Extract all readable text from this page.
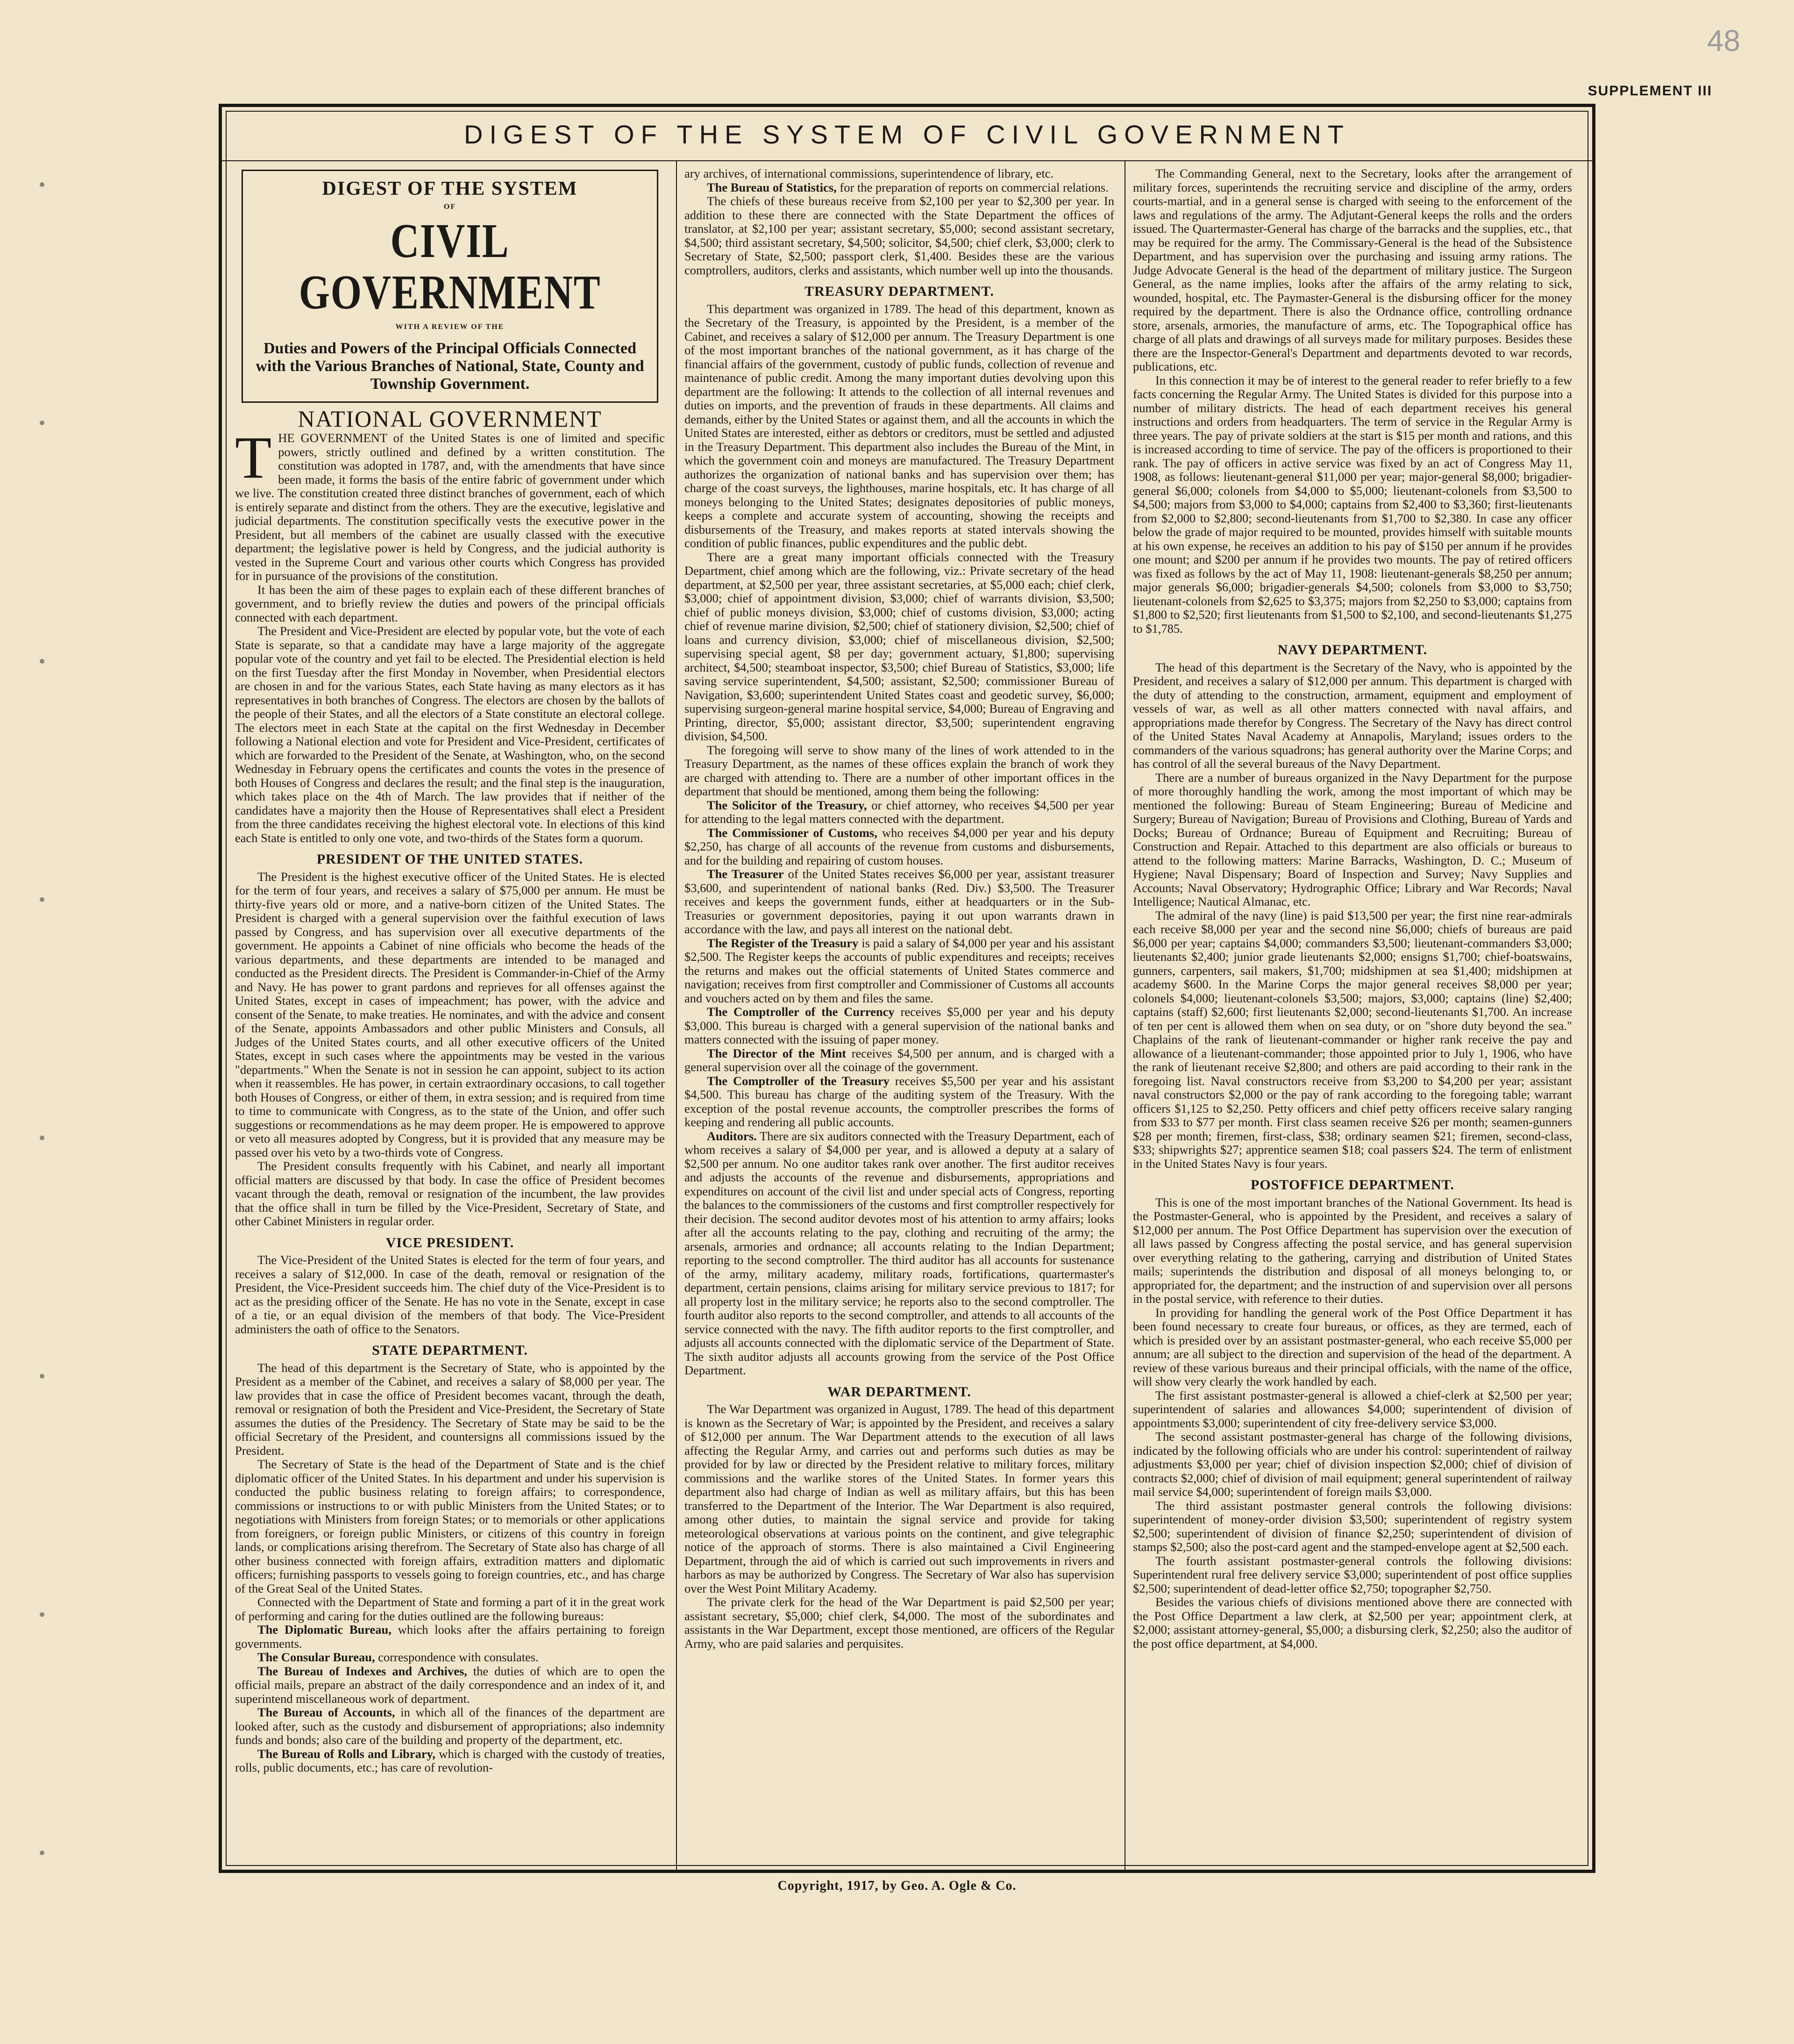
48
SUPPLEMENT III
DIGEST OF THE SYSTEM OF CIVIL GOVERNMENT
DIGEST OF THE SYSTEM
OF
CIVIL GOVERNMENT
WITH A REVIEW OF THE
Duties and Powers of the Principal Officials Connected with the Various Branches of National, State, County and Township Government.
NATIONAL GOVERNMENT

THE GOVERNMENT of the United States is one of limited and specific powers, strictly outlined and defined by a written constitution. The constitution was adopted in 1787, and, with the amendments that have since been made, it forms the basis of the entire fabric of government under which we live. The constitution created three distinct branches of government, each of which is entirely separate and distinct from the others. They are the executive, legislative and judicial departments. The constitution specifically vests the executive power in the President, but all members of the cabinet are usually classed with the executive department; the legislative power is held by Congress, and the judicial authority is vested in the Supreme Court and various other courts which Congress has provided for in pursuance of the provisions of the constitution.

It has been the aim of these pages to explain each of these different branches of government, and to briefly review the duties and powers of the principal officials connected with each department.

The President and Vice-President are elected by popular vote, but the vote of each State is separate, so that a candidate may have a large majority of the aggregate popular vote of the country and yet fail to be elected. The Presidential election is held on the first Tuesday after the first Monday in November, when Presidential electors are chosen in and for the various States, each State having as many electors as it has representatives in both branches of Congress. The electors are chosen by the ballots of the people of their States, and all the electors of a State constitute an electoral college. The electors meet in each State at the capital on the first Wednesday in December following a National election and vote for President and Vice-President, certificates of which are forwarded to the President of the Senate, at Washington, who, on the second Wednesday in February opens the certificates and counts the votes in the presence of both Houses of Congress and declares the result; and the final step is the inauguration, which takes place on the 4th of March. The law provides that if neither of the candidates have a majority then the House of Representatives shall elect a President from the three candidates receiving the highest electoral vote. In elections of this kind each State is entitled to only one vote, and two-thirds of the States form a quorum.

PRESIDENT OF THE UNITED STATES.

The President is the highest executive officer of the United States. He is elected for the term of four years, and receives a salary of $75,000 per annum. He must be thirty-five years old or more, and a native-born citizen of the United States. The President is charged with a general supervision over the faithful execution of laws passed by Congress, and has supervision over all executive departments of the government. He appoints a Cabinet of nine officials who become the heads of the various departments, and these departments are intended to be managed and conducted as the President directs. The President is Commander-in-Chief of the Army and Navy. He has power to grant pardons and reprieves for all offenses against the United States, except in cases of impeachment; has power, with the advice and consent of the Senate, to make treaties. He nominates, and with the advice and consent of the Senate, appoints Ambassadors and other public Ministers and Consuls, all Judges of the United States courts, and all other executive officers of the United States, except in such cases where the appointments may be vested in the various "departments." When the Senate is not in session he can appoint, subject to its action when it reassembles. He has power, in certain extraordinary occasions, to call together both Houses of Congress, or either of them, in extra session; and is required from time to time to communicate with Congress, as to the state of the Union, and offer such suggestions or recommendations as he may deem proper. He is empowered to approve or veto all measures adopted by Congress, but it is provided that any measure may be passed over his veto by a two-thirds vote of Congress.

The President consults frequently with his Cabinet, and nearly all important official matters are discussed by that body. In case the office of President becomes vacant through the death, removal or resignation of the incumbent, the law provides that the office shall in turn be filled by the Vice-President, Secretary of State, and other Cabinet Ministers in regular order.

VICE PRESIDENT.

The Vice-President of the United States is elected for the term of four years, and receives a salary of $12,000. In case of the death, removal or resignation of the President, the Vice-President succeeds him. The chief duty of the Vice-President is to act as the presiding officer of the Senate. He has no vote in the Senate, except in case of a tie, or an equal division of the members of that body. The Vice-President administers the oath of office to the Senators.

STATE DEPARTMENT.

The head of this department is the Secretary of State, who is appointed by the President as a member of the Cabinet, and receives a salary of $8,000 per year. The law provides that in case the office of President becomes vacant, through the death, removal or resignation of both the President and Vice-President, the Secretary of State assumes the duties of the Presidency. The Secretary of State may be said to be the official Secretary of the President, and countersigns all commissions issued by the President.

The Secretary of State is the head of the Department of State and is the chief diplomatic officer of the United States. In his department and under his supervision is conducted the public business relating to foreign affairs; to correspondence, commissions or instructions to or with public Ministers from the United States; or to negotiations with Ministers from foreign States; or to memorials or other applications from foreigners, or foreign public Ministers, or citizens of this country in foreign lands, or complications arising therefrom. The Secretary of State also has charge of all other business connected with foreign affairs, extradition matters and diplomatic officers; furnishing passports to vessels going to foreign countries, etc., and has charge of the Great Seal of the United States.

Connected with the Department of State and forming a part of it in the great work of performing and caring for the duties outlined are the following bureaus:

The Diplomatic Bureau, which looks after the affairs pertaining to foreign governments.

The Consular Bureau, correspondence with consulates.

The Bureau of Indexes and Archives, the duties of which are to open the official mails, prepare an abstract of the daily correspondence and an index of it, and superintend miscellaneous work of department.

The Bureau of Accounts, in which all of the finances of the department are looked after, such as the custody and disbursement of appropriations; also indemnity funds and bonds; also care of the building and property of the department, etc.

The Bureau of Rolls and Library, which is charged with the custody of treaties, rolls, public documents, etc.; has care of revolution-

ary archives, of international commissions, superintendence of library, etc.

The Bureau of Statistics, for the preparation of reports on commercial relations.

The chiefs of these bureaus receive from $2,100 per year to $2,300 per year. In addition to these there are connected with the State Department the offices of translator, at $2,100 per year; assistant secretary, $5,000; second assistant secretary, $4,500; third assistant secretary, $4,500; solicitor, $4,500; chief clerk, $3,000; clerk to Secretary of State, $2,500; passport clerk, $1,400. Besides these are the various comptrollers, auditors, clerks and assistants, which number well up into the thousands.

TREASURY DEPARTMENT.

This department was organized in 1789. The head of this department, known as the Secretary of the Treasury, is appointed by the President, is a member of the Cabinet, and receives a salary of $12,000 per annum. The Treasury Department is one of the most important branches of the national government, as it has charge of the financial affairs of the government, custody of public funds, collection of revenue and maintenance of public credit. Among the many important duties devolving upon this department are the following: It attends to the collection of all internal revenues and duties on imports, and the prevention of frauds in these departments. All claims and demands, either by the United States or against them, and all the accounts in which the United States are interested, either as debtors or creditors, must be settled and adjusted in the Treasury Department. This department also includes the Bureau of the Mint, in which the government coin and moneys are manufactured. The Treasury Department authorizes the organization of national banks and has supervision over them; has charge of the coast surveys, the lighthouses, marine hospitals, etc. It has charge of all moneys belonging to the United States; designates depositories of public moneys, keeps a complete and accurate system of accounting, showing the receipts and disbursements of the Treasury, and makes reports at stated intervals showing the condition of public finances, public expenditures and the public debt.

There are a great many important officials connected with the Treasury Department, chief among which are the following, viz.: Private secretary of the head department, at $2,500 per year, three assistant secretaries, at $5,000 each; chief clerk, $3,000; chief of appointment division, $3,000; chief of warrants division, $3,500; chief of public moneys division, $3,000; chief of customs division, $3,000; acting chief of revenue marine division, $2,500; chief of stationery division, $2,500; chief of loans and currency division, $3,000; chief of miscellaneous division, $2,500; supervising special agent, $8 per day; government actuary, $1,800; supervising architect, $4,500; steamboat inspector, $3,500; chief Bureau of Statistics, $3,000; life saving service superintendent, $4,500; assistant, $2,500; commissioner Bureau of Navigation, $3,600; superintendent United States coast and geodetic survey, $6,000; supervising surgeon-general marine hospital service, $4,000; Bureau of Engraving and Printing, director, $5,000; assistant director, $3,500; superintendent engraving division, $4,500.

The foregoing will serve to show many of the lines of work attended to in the Treasury Department, as the names of these offices explain the branch of work they are charged with attending to. There are a number of other important offices in the department that should be mentioned, among them being the following:

The Solicitor of the Treasury, or chief attorney, who receives $4,500 per year for attending to the legal matters connected with the department.

The Commissioner of Customs, who receives $4,000 per year and his deputy $2,250, has charge of all accounts of the revenue from customs and disbursements, and for the building and repairing of custom houses.

The Treasurer of the United States receives $6,000 per year, assistant treasurer $3,600, and superintendent of national banks (Red. Div.) $3,500. The Treasurer receives and keeps the government funds, either at headquarters or in the Sub-Treasuries or government depositories, paying it out upon warrants drawn in accordance with the law, and pays all interest on the national debt.

The Register of the Treasury is paid a salary of $4,000 per year and his assistant $2,500. The Register keeps the accounts of public expenditures and receipts; receives the returns and makes out the official statements of United States commerce and navigation; receives from first comptroller and Commissioner of Customs all accounts and vouchers acted on by them and files the same.

The Comptroller of the Currency receives $5,000 per year and his deputy $3,000. This bureau is charged with a general supervision of the national banks and matters connected with the issuing of paper money.

The Director of the Mint receives $4,500 per annum, and is charged with a general supervision over all the coinage of the government.

The Comptroller of the Treasury receives $5,500 per year and his assistant $4,500. This bureau has charge of the auditing system of the Treasury. With the exception of the postal revenue accounts, the comptroller prescribes the forms of keeping and rendering all public accounts.

Auditors. There are six auditors connected with the Treasury Department, each of whom receives a salary of $4,000 per year, and is allowed a deputy at a salary of $2,500 per annum. No one auditor takes rank over another. The first auditor receives and adjusts the accounts of the revenue and disbursements, appropriations and expenditures on account of the civil list and under special acts of Congress, reporting the balances to the commissioners of the customs and first comptroller respectively for their decision. The second auditor devotes most of his attention to army affairs; looks after all the accounts relating to the pay, clothing and recruiting of the army; the arsenals, armories and ordnance; all accounts relating to the Indian Department; reporting to the second comptroller. The third auditor has all accounts for sustenance of the army, military academy, military roads, fortifications, quartermaster's department, certain pensions, claims arising for military service previous to 1817; for all property lost in the military service; he reports also to the second comptroller. The fourth auditor also reports to the second comptroller, and attends to all accounts of the service connected with the navy. The fifth auditor reports to the first comptroller, and adjusts all accounts connected with the diplomatic service of the Department of State. The sixth auditor adjusts all accounts growing from the service of the Post Office Department.

WAR DEPARTMENT.

The War Department was organized in August, 1789. The head of this department is known as the Secretary of War; is appointed by the President, and receives a salary of $12,000 per annum. The War Department attends to the execution of all laws affecting the Regular Army, and carries out and performs such duties as may be provided for by law or directed by the President relative to military forces, military commissions and the warlike stores of the United States. In former years this department also had charge of Indian as well as military affairs, but this has been transferred to the Department of the Interior. The War Department is also required, among other duties, to maintain the signal service and provide for taking meteorological observations at various points on the continent, and give telegraphic notice of the approach of storms. There is also maintained a Civil Engineering Department, through the aid of which is carried out such improvements in rivers and harbors as may be authorized by Congress. The Secretary of War also has supervision over the West Point Military Academy.

The private clerk for the head of the War Department is paid $2,500 per year; assistant secretary, $5,000; chief clerk, $4,000. The most of the subordinates and assistants in the War Department, except those mentioned, are officers of the Regular Army, who are paid salaries and perquisites.

The Commanding General, next to the Secretary, looks after the arrangement of military forces, superintends the recruiting service and discipline of the army, orders courts-martial, and in a general sense is charged with seeing to the enforcement of the laws and regulations of the army. The Adjutant-General keeps the rolls and the orders issued. The Quartermaster-General has charge of the barracks and the supplies, etc., that may be required for the army. The Commissary-General is the head of the Subsistence Department, and has supervision over the purchasing and issuing army rations. The Judge Advocate General is the head of the department of military justice. The Surgeon General, as the name implies, looks after the affairs of the army relating to sick, wounded, hospital, etc. The Paymaster-General is the disbursing officer for the money required by the department. There is also the Ordnance office, controlling ordnance store, arsenals, armories, the manufacture of arms, etc. The Topographical office has charge of all plats and drawings of all surveys made for military purposes. Besides these there are the Inspector-General's Department and departments devoted to war records, publications, etc.

In this connection it may be of interest to the general reader to refer briefly to a few facts concerning the Regular Army. The United States is divided for this purpose into a number of military districts. The head of each department receives his general instructions and orders from headquarters. The term of service in the Regular Army is three years. The pay of private soldiers at the start is $15 per month and rations, and this is increased according to time of service. The pay of the officers is proportioned to their rank. The pay of officers in active service was fixed by an act of Congress May 11, 1908, as follows: lieutenant-general $11,000 per year; major-general $8,000; brigadier-general $6,000; colonels from $4,000 to $5,000; lieutenant-colonels from $3,500 to $4,500; majors from $3,000 to $4,000; captains from $2,400 to $3,360; first-lieutenants from $2,000 to $2,800; second-lieutenants from $1,700 to $2,380. In case any officer below the grade of major required to be mounted, provides himself with suitable mounts at his own expense, he receives an addition to his pay of $150 per annum if he provides one mount; and $200 per annum if he provides two mounts. The pay of retired officers was fixed as follows by the act of May 11, 1908: lieutenant-generals $8,250 per annum; major generals $6,000; brigadier-generals $4,500; colonels from $3,000 to $3,750; lieutenant-colonels from $2,625 to $3,375; majors from $2,250 to $3,000; captains from $1,800 to $2,520; first lieutenants from $1,500 to $2,100, and second-lieutenants $1,275 to $1,785.

NAVY DEPARTMENT.

The head of this department is the Secretary of the Navy, who is appointed by the President, and receives a salary of $12,000 per annum. This department is charged with the duty of attending to the construction, armament, equipment and employment of vessels of war, as well as all other matters connected with naval affairs, and appropriations made therefor by Congress. The Secretary of the Navy has direct control of the United States Naval Academy at Annapolis, Maryland; issues orders to the commanders of the various squadrons; has general authority over the Marine Corps; and has control of all the several bureaus of the Navy Department.

There are a number of bureaus organized in the Navy Department for the purpose of more thoroughly handling the work, among the most important of which may be mentioned the following: Bureau of Steam Engineering; Bureau of Medicine and Surgery; Bureau of Navigation; Bureau of Provisions and Clothing, Bureau of Yards and Docks; Bureau of Ordnance; Bureau of Equipment and Recruiting; Bureau of Construction and Repair. Attached to this department are also officials or bureaus to attend to the following matters: Marine Barracks, Washington, D. C.; Museum of Hygiene; Naval Dispensary; Board of Inspection and Survey; Navy Supplies and Accounts; Naval Observatory; Hydrographic Office; Library and War Records; Naval Intelligence; Nautical Almanac, etc.

The admiral of the navy (line) is paid $13,500 per year; the first nine rear-admirals each receive $8,000 per year and the second nine $6,000; chiefs of bureaus are paid $6,000 per year; captains $4,000; commanders $3,500; lieutenant-commanders $3,000; lieutenants $2,400; junior grade lieutenants $2,000; ensigns $1,700; chief-boatswains, gunners, carpenters, sail makers, $1,700; midshipmen at sea $1,400; midshipmen at academy $600. In the Marine Corps the major general receives $8,000 per year; colonels $4,000; lieutenant-colonels $3,500; majors, $3,000; captains (line) $2,400; captains (staff) $2,600; first lieutenants $2,000; second-lieutenants $1,700. An increase of ten per cent is allowed them when on sea duty, or on "shore duty beyond the sea." Chaplains of the rank of lieutenant-commander or higher rank receive the pay and allowance of a lieutenant-commander; those appointed prior to July 1, 1906, who have the rank of lieutenant receive $2,800; and others are paid according to their rank in the foregoing list. Naval constructors receive from $3,200 to $4,200 per year; assistant naval constructors $2,000 or the pay of rank according to the foregoing table; warrant officers $1,125 to $2,250. Petty officers and chief petty officers receive salary ranging from $33 to $77 per month. First class seamen receive $26 per month; seamen-gunners $28 per month; firemen, first-class, $38; ordinary seamen $21; firemen, second-class, $33; shipwrights $27; apprentice seamen $18; coal passers $24. The term of enlistment in the United States Navy is four years.

POSTOFFICE DEPARTMENT.

This is one of the most important branches of the National Government. Its head is the Postmaster-General, who is appointed by the President, and receives a salary of $12,000 per annum. The Post Office Department has supervision over the execution of all laws passed by Congress affecting the postal service, and has general supervision over everything relating to the gathering, carrying and distribution of United States mails; superintends the distribution and disposal of all moneys belonging to, or appropriated for, the department; and the instruction of and supervision over all persons in the postal service, with reference to their duties.

In providing for handling the general work of the Post Office Department it has been found necessary to create four bureaus, or offices, as they are termed, each of which is presided over by an assistant postmaster-general, who each receive $5,000 per annum; are all subject to the direction and supervision of the head of the department. A review of these various bureaus and their principal officials, with the name of the office, will show very clearly the work handled by each.

The first assistant postmaster-general is allowed a chief-clerk at $2,500 per year; superintendent of salaries and allowances $4,000; superintendent of division of appointments $3,000; superintendent of city free-delivery service $3,000.

The second assistant postmaster-general has charge of the following divisions, indicated by the following officials who are under his control: superintendent of railway adjustments $3,000 per year; chief of division inspection $2,000; chief of division of contracts $2,000; chief of division of mail equipment; general superintendent of railway mail service $4,000; superintendent of foreign mails $3,000.

The third assistant postmaster general controls the following divisions: superintendent of money-order division $3,500; superintendent of registry system $2,500; superintendent of division of finance $2,250; superintendent of division of stamps $2,500; also the post-card agent and the stamped-envelope agent at $2,500 each.

The fourth assistant postmaster-general controls the following divisions: Superintendent rural free delivery service $3,000; superintendent of post office supplies $2,500; superintendent of dead-letter office $2,750; topographer $2,750.

Besides the various chiefs of divisions mentioned above there are connected with the Post Office Department a law clerk, at $2,500 per year; appointment clerk, at $2,000; assistant attorney-general, $5,000; a disbursing clerk, $2,250; also the auditor of the post office department, at $4,000.

Copyright, 1917, by Geo. A. Ogle & Co.
